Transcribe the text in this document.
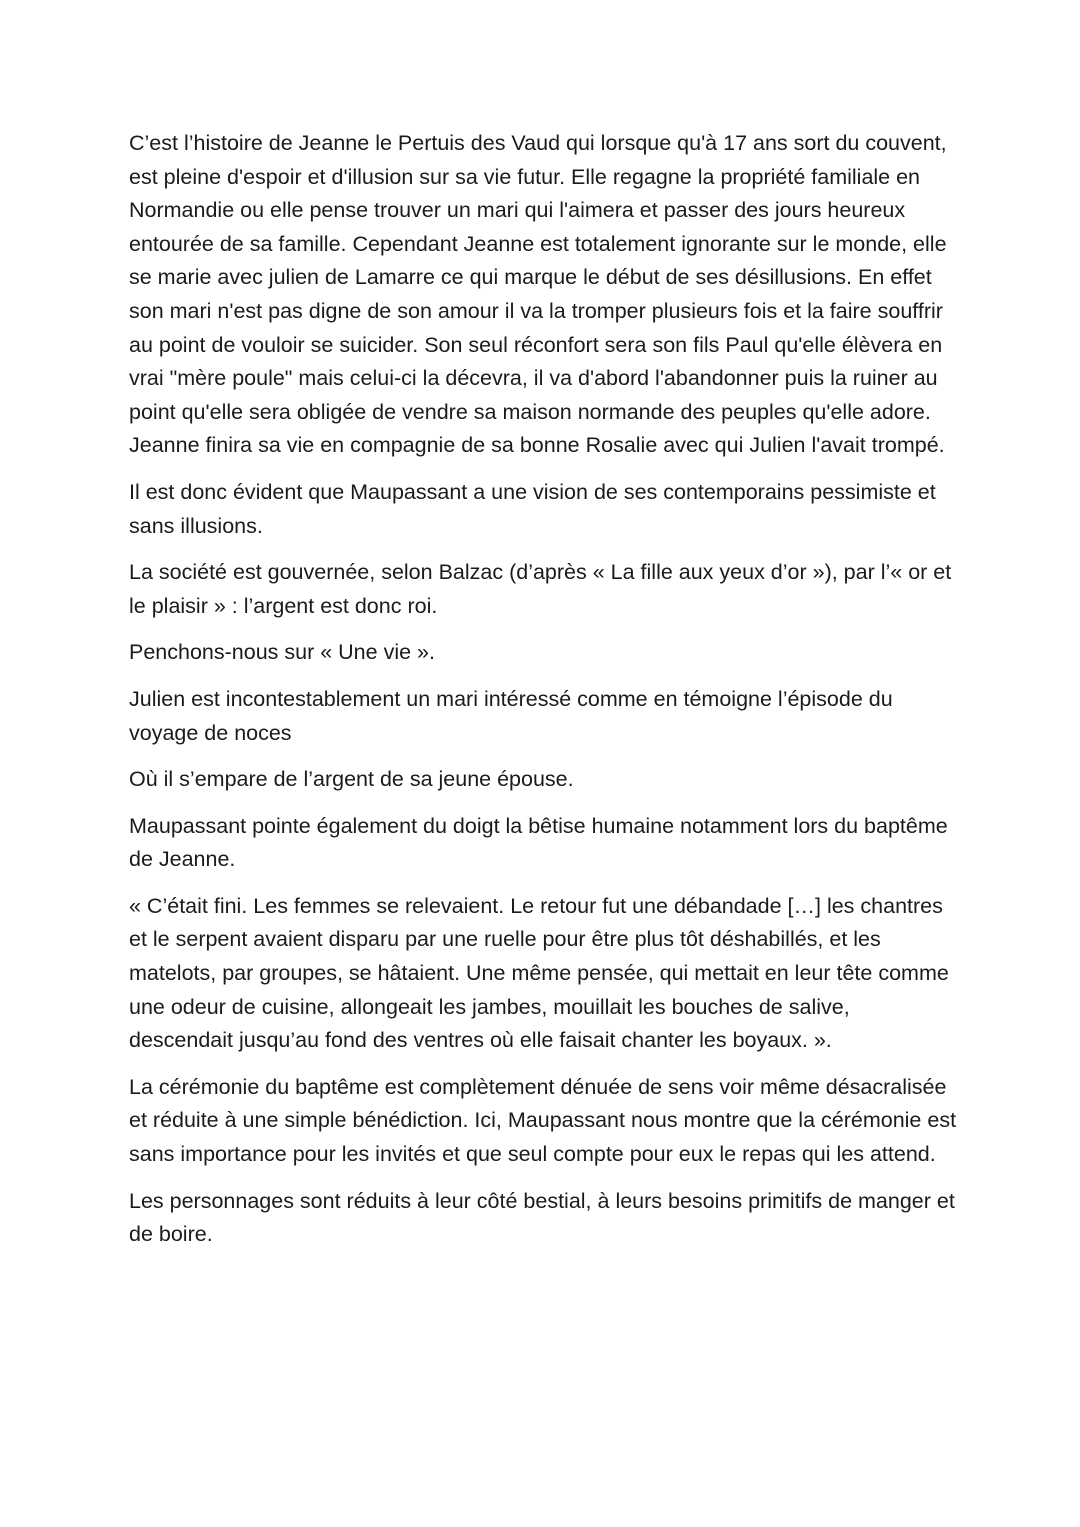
C’est l’histoire de Jeanne le Pertuis des Vaud qui lorsque qu'à 17 ans sort du couvent, est pleine d'espoir et d'illusion sur sa vie futur. Elle regagne la propriété familiale en Normandie ou elle pense trouver un mari qui l'aimera et passer des jours heureux entourée de sa famille. Cependant Jeanne est totalement ignorante sur le monde, elle se marie avec julien de Lamarre ce qui marque le début de ses désillusions. En effet son mari n'est pas digne de son amour il va la tromper plusieurs fois et la faire souffrir au point de vouloir se suicider. Son seul réconfort sera son fils Paul qu'elle élèvera en vrai "mère poule" mais celui-ci la décevra, il va d'abord l'abandonner puis la ruiner au point qu'elle sera obligée de vendre sa maison normande des peuples qu'elle adore. Jeanne finira sa vie en compagnie de sa bonne Rosalie avec qui Julien l'avait trompé.

Il est donc évident que Maupassant a une vision de ses contemporains pessimiste et sans illusions.

La société est gouvernée, selon Balzac (d’après « La fille aux yeux d’or »), par l’« or et le plaisir » : l’argent est donc roi.

Penchons-nous sur « Une vie ».

Julien est incontestablement un mari intéressé comme en témoigne l’épisode du voyage de noces

Où il s’empare de l’argent de sa jeune épouse.

Maupassant pointe également du doigt la bêtise humaine notamment lors du baptême de Jeanne.

« C’était fini. Les femmes se relevaient. Le retour fut une débandade […] les chantres et le serpent avaient disparu par une ruelle pour être plus tôt déshabillés, et les matelots, par groupes, se hâtaient. Une même pensée, qui mettait en leur tête comme une odeur de cuisine, allongeait les jambes, mouillait les bouches de salive, descendait jusqu’au fond des ventres où elle faisait chanter les boyaux. ».

La cérémonie du baptême est complètement dénuée de sens voir même désacralisée et réduite à une simple bénédiction. Ici, Maupassant nous montre que la cérémonie est sans importance pour les invités et que seul compte pour eux le repas qui les attend.

Les personnages sont réduits à leur côté bestial, à leurs besoins primitifs de manger et de boire.
